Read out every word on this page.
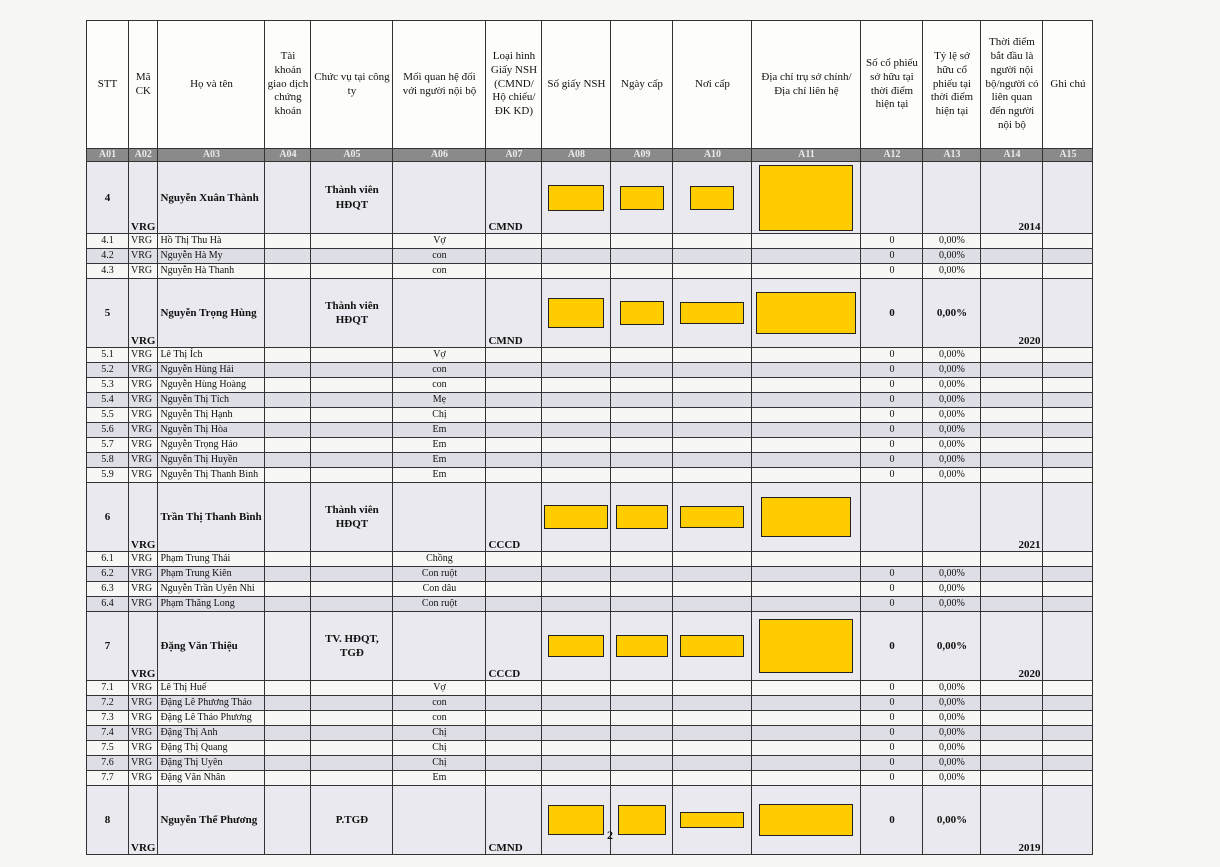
STT	Mã CK	Họ và tên	Tài khoản giao dịch chứng khoán	Chức vụ tại công ty	Mối quan hệ đối với người nội bộ	Loại hình Giấy NSH (CMND/ Hộ chiếu/ĐK KD)	Số giấy NSH	Ngày cấp	Nơi cấp	Địa chỉ trụ sở chính/Địa chỉ liên hệ	Số cổ phiếu sở hữu tại thời điểm hiện tại	Tỷ lệ sở hữu cổ phiếu tại thời điểm hiện tại	Thời điểm bắt đầu là người nội bộ/người có liên quan đến người nội bộ	Ghi chú
A01	A02	A03	A04	A05	A06	A07	A08	A09	A10	A11	A12	A13	A14	A15
4	VRG	Nguyễn Xuân Thành		Thành viên HĐQT		CMND							2014	
4.1	VRG	Hồ Thị Thu Hà			Vợ						0	0,00%		
4.2	VRG	Nguyễn Hà My			con						0	0,00%		
4.3	VRG	Nguyễn Hà Thanh			con						0	0,00%		
5	VRG	Nguyễn Trọng Hùng		Thành viên HĐQT		CMND					0	0,00%	2020	
5.1	VRG	Lê Thị Ích			Vợ						0	0,00%		
5.2	VRG	Nguyễn Hùng Hải			con						0	0,00%		
5.3	VRG	Nguyễn Hùng Hoàng			con						0	0,00%		
5.4	VRG	Nguyễn Thị Tích			Mẹ						0	0,00%		
5.5	VRG	Nguyễn Thị Hạnh			Chị						0	0,00%		
5.6	VRG	Nguyễn Thị Hòa			Em						0	0,00%		
5.7	VRG	Nguyễn Trọng Hảo			Em						0	0,00%		
5.8	VRG	Nguyễn Thị Huyền			Em						0	0,00%		
5.9	VRG	Nguyễn Thị Thanh Bình			Em						0	0,00%		
6	VRG	Trần Thị Thanh Bình		Thành viên HĐQT		CCCD							2021	
6.1	VRG	Phạm Trung Thái			Chồng									
6.2	VRG	Phạm Trung Kiên			Con ruột						0	0,00%		
6.3	VRG	Nguyễn Trần Uyên Nhi			Con dâu						0	0,00%		
6.4	VRG	Phạm Thăng Long			Con ruột						0	0,00%		
7	VRG	Đặng Văn Thiệu		TV. HĐQT, TGĐ		CCCD					0	0,00%	2020	
7.1	VRG	Lê Thị Huế			Vợ						0	0,00%		
7.2	VRG	Đặng Lê Phương Thảo			con						0	0,00%		
7.3	VRG	Đặng Lê Thảo Phương			con						0	0,00%		
7.4	VRG	Đặng Thị Anh			Chị						0	0,00%		
7.5	VRG	Đặng Thị Quang			Chị						0	0,00%		
7.6	VRG	Đặng Thị Uyên			Chị						0	0,00%		
7.7	VRG	Đặng Văn Nhân			Em						0	0,00%		
8	VRG	Nguyễn Thế Phương		P.TGĐ		CMND					0	0,00%	2019	
2
